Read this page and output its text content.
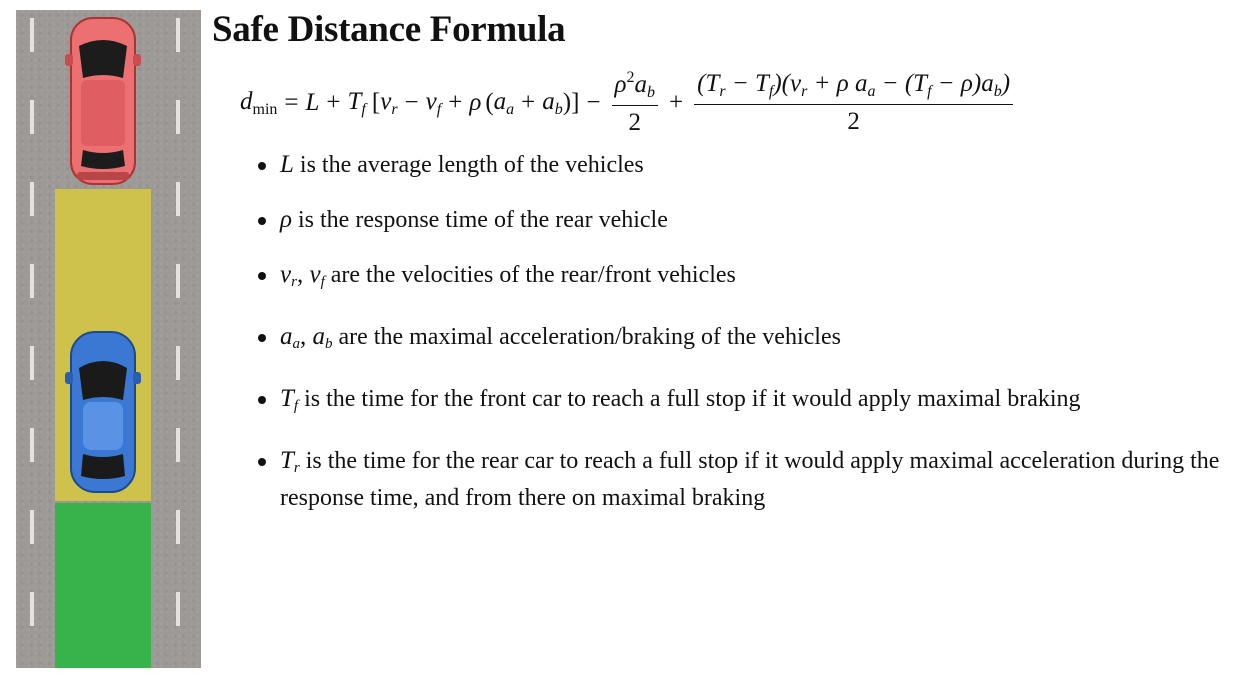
Safe Distance Formula
$d_{min} = L + T_f$ [ $v_r - v_f + \rho$ ( $a_a + a_b$ )] − $\frac{\rho^2a_b}{2} + \frac{(T_r - T_f)(v_r + \rho a_a - (T_f - \rho)a_b)}{2}$
L is the average length of the vehicles
ρ is the response time of the rear vehicle
$v_r$, $v_f$ are the velocities of the rear/front vehicles
$a_a$, $a_b$ are the maximal acceleration/braking of the vehicles
$T_f$ is the time for the front car to reach a full stop if it would apply maximal braking
$T_r$ is the time for the rear car to reach a full stop if it would apply maximal acceleration during the response time, and from there on maximal braking
